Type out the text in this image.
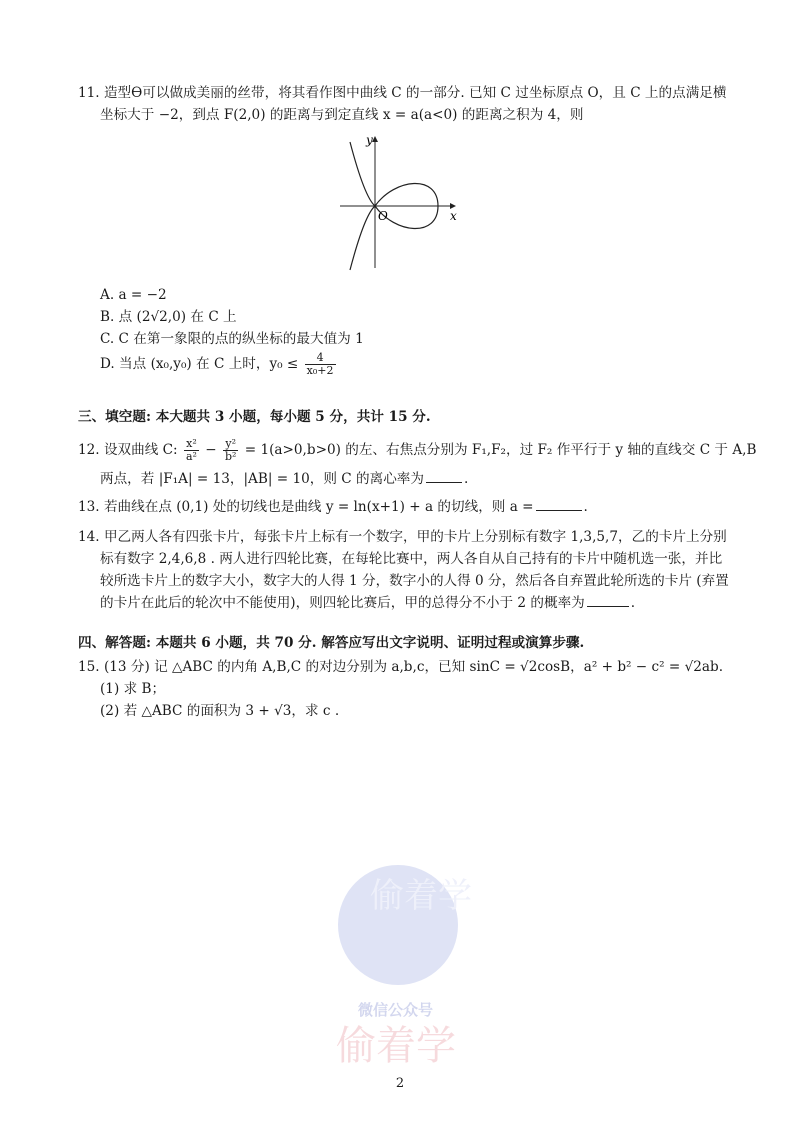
11. 造型ϴ可以做成美丽的丝带，将其看作图中曲线 C 的一部分. 已知 C 过坐标原点 O，且 C 上的点满足横
坐标大于 −2，到点 F(2,0) 的距离与到定直线 x = a(a<0) 的距离之积为 4，则
y
x
O
A. a = −2
B. 点 (2√2,0) 在 C 上
C. C 在第一象限的点的纵坐标的最大值为 1
D. 当点 (x₀,y₀) 在 C 上时，$y_0 \le \frac{4}{\text{x₀+2}}$
三、填空题: 本大题共 3 小题，每小题 5 分，共计 15 分.
12. 设双曲线 C: $\frac{\text{x²}}{\text{a²}} - \frac{\text{y²}}{\text{b²}} = 1(a>0,b>0)$ 的左、右焦点分别为 F₁,F₂，过 F₂ 作平行于 y 轴的直线交 C 于 A,B
两点，若 |F₁A| = 13，|AB| = 10，则 C 的离心率为	.
13. 若曲线在点 (0,1) 处的切线也是曲线 y = ln(x+1) + a 的切线，则 a =	.
14. 甲乙两人各有四张卡片，每张卡片上标有一个数字，甲的卡片上分别标有数字 1,3,5,7，乙的卡片上分别
标有数字 2,4,6,8 . 两人进行四轮比赛，在每轮比赛中，两人各自从自己持有的卡片中随机选一张，并比
较所选卡片上的数字大小，数字大的人得 1 分，数字小的人得 0 分，然后各自弃置此轮所选的卡片 (弃置
的卡片在此后的轮次中不能使用)，则四轮比赛后，甲的总得分不小于 2 的概率为	.
四、解答题: 本题共 6 小题，共 70 分. 解答应写出文字说明、证明过程或演算步骤.
15. (13 分) 记 △ABC 的内角 A,B,C 的对边分别为 a,b,c，已知 sinC = √2cosB，a² + b² − c² = √2ab.
(1) 求 B；
(2) 若 △ABC 的面积为 3 + √3，求 c .
偷着学
微信公众号
偷着学
2
